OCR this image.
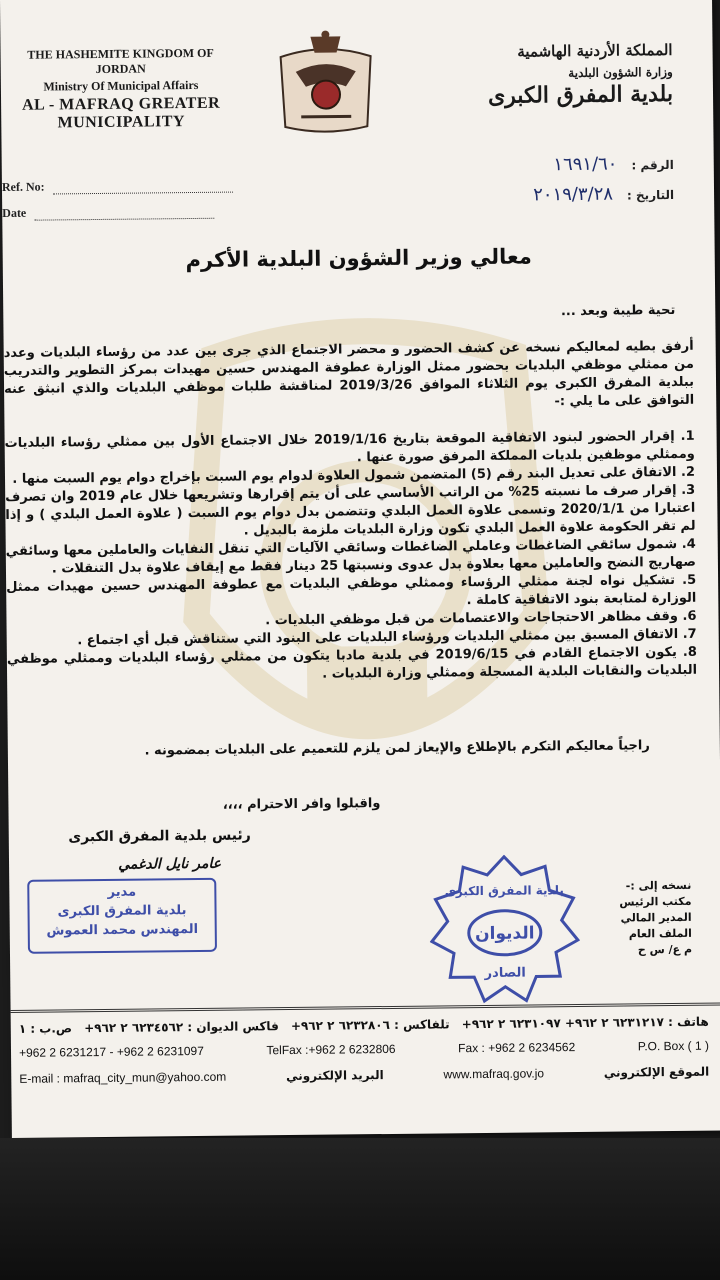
THE HASHEMITE KINGDOM OF
JORDAN
Ministry Of Municipal Affairs
AL - MAFRAQ GREATER
MUNICIPALITY
Ref. No:
Date
المملكة الأردنية الهاشمية
وزارة الشؤون البلدية
بلدية المفرق الكبرى
الرقم :١٦٩١/٦٠
التاريخ :٢٠١٩/٣/٢٨
معالي وزير الشؤون البلدية الأكرم
تحية طيبة وبعد ...
أرفق بطيه لمعاليكم نسخه عن كشف الحضور و محضر الاجتماع الذي جرى بين عدد من رؤساء البلديات وعدد من ممثلي موظفي البلديات بحضور ممثل الوزارة عطوفة المهندس حسين مهيدات بمركز التطوير والتدريب ببلدية المفرق الكبرى يوم الثلاثاء الموافق 2019/3/26 لمناقشة طلبات موظفي البلديات والذي انبثق عنه التوافق على ما يلي :-
1. إقرار الحضور لبنود الاتفاقية الموقعة بتاريخ 2019/1/16 خلال الاجتماع الأول بين ممثلي رؤساء البلديات وممثلي موظفين بلديات المملكة المرفق صورة عنها .
2. الاتفاق على تعديل البند رقم (5) المتضمن شمول العلاوة لدوام يوم السبت بإخراج دوام يوم السبت منها .
3. إقرار صرف ما نسبته 25% من الراتب الأساسي على أن يتم إقرارها وتشريعها خلال عام 2019 وان تصرف اعتبارا من 2020/1/1 وتسمى علاوة العمل البلدي وتتضمن بدل دوام يوم السبت ( علاوة العمل البلدي ) و إذا لم تقر الحكومة علاوة العمل البلدي تكون وزارة البلديات ملزمة بالبديل .
4. شمول سائقي الضاغطات وعاملي الضاغطات وسائقي الآليات التي تنقل النفايات والعاملين معها وسائقي صهاريج النضح والعاملين معها بعلاوة بدل عدوى ونسبتها 25 دينار فقط مع إيقاف علاوة بدل التنقلات .
5. تشكيل نواه لجنة ممثلي الرؤساء وممثلي موظفي البلديات مع عطوفة المهندس حسين مهيدات ممثل الوزارة لمتابعة بنود الاتفاقية كاملة .
6. وقف مظاهر الاحتجاجات والاعتصامات من قبل موظفي البلديات .
7. الاتفاق المسبق بين ممثلي البلديات ورؤساء البلديات على البنود التي ستناقش قبل أي اجتماع .
8. يكون الاجتماع القادم في 2019/6/15 في بلدية مادبا يتكون من ممثلي رؤساء البلديات وممثلي موظفي البلديات والنقابات البلدية المسجلة وممثلي وزارة البلديات .
راجياً معاليكم التكرم بالإطلاع والإيعاز لمن يلزم للتعميم على البلديات بمضمونه .
واقبلوا وافر الاحترام ،،،،
رئيس بلدية المفرق الكبرى
عامر نايل الدغمي
مدير
بلدية المفرق الكبرى
المهندس محمد العموش	الديوان
بلدية المفرق الكبرى
الصادر
نسخه إلى :-
مكتب الرئيس
المدير المالي
الملف العام
م ع/ س ح
ص.ب : ١ فاكس الديوان : ٦٢٣٤٥٦٢ ٢ ٩٦٢+ تلفاكس : ٦٢٣٢٨٠٦ ٢ ٩٦٢+ هاتف : ٦٢٣١٢١٧ ٢ ٩٦٢+ ٦٢٣١٠٩٧ ٢ ٩٦٢+
+962 2 6231217 - +962 2 6231097	TelFax :+962 2 6232806	Fax : +962 2 6234562	P.O. Box ( 1 )
E-mail : mafraq_city_mun@yahoo.com	البريد الإلكتروني	www.mafraq.gov.jo	الموقع الإلكتروني
